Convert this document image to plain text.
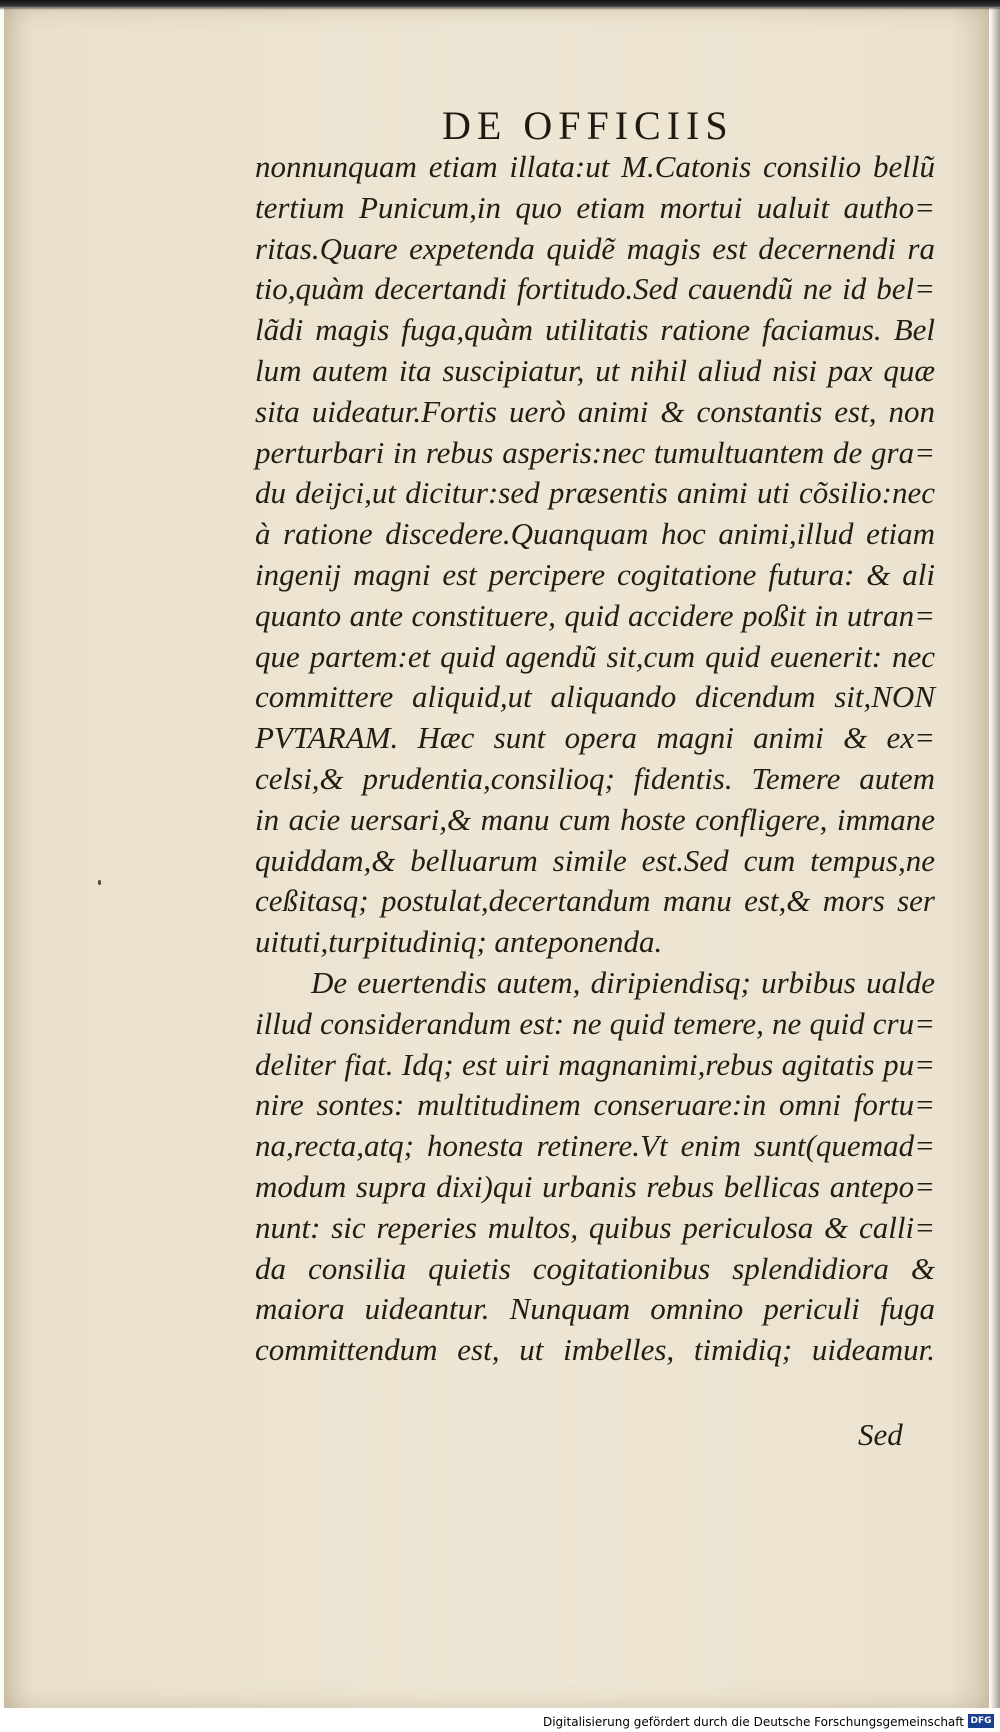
DE OFFICIIS
nonnunquam etiam illata:ut M.Catonis consilio bellũ
tertium Punicum,in quo etiam mortui ualuit autho=
ritas.Quare expetenda quidẽ magis est decernendi ra
tio,quàm decertandi fortitudo.Sed cauendũ ne id bel=
lãdi magis fuga,quàm utilitatis ratione faciamus. Bel
lum autem ita suscipiatur, ut nihil aliud nisi pax quæ
sita uideatur.Fortis uerò animi & constantis est, non
perturbari in rebus asperis:nec tumultuantem de gra=
du deijci,ut dicitur:sed præsentis animi uti cõsilio:nec
à ratione discedere.Quanquam hoc animi,illud etiam
ingenij magni est percipere cogitatione futura: & ali
quanto ante constituere, quid accidere poßit in utran=
que partem:et quid agendũ sit,cum quid euenerit: nec
committere aliquid,ut aliquando dicendum sit,NON
PVTARAM. Hæc sunt opera magni animi & ex=
celsi,& prudentia,consilioq; fidentis. Temere autem
in acie uersari,& manu cum hoste confligere, immane
quiddam,& belluarum simile est.Sed cum tempus,ne
ceßitasq; postulat,decertandum manu est,& mors ser
uituti,turpitudiniq; anteponenda.
De euertendis autem, diripiendisq; urbibus ualde
illud considerandum est: ne quid temere, ne quid cru=
deliter fiat. Idq; est uiri magnanimi,rebus agitatis pu=
nire sontes: multitudinem conseruare:in omni fortu=
na,recta,atq; honesta retinere.Vt enim sunt(quemad=
modum supra dixi)qui urbanis rebus bellicas antepo=
nunt: sic reperies multos, quibus periculosa & calli=
da consilia quietis cogitationibus splendidiora &
maiora uideantur. Nunquam omnino periculi fuga
committendum est, ut imbelles, timidiq; uideamur.
Sed
Digitalisierung gefördert durch die Deutsche Forschungsgemeinschaft DFG
